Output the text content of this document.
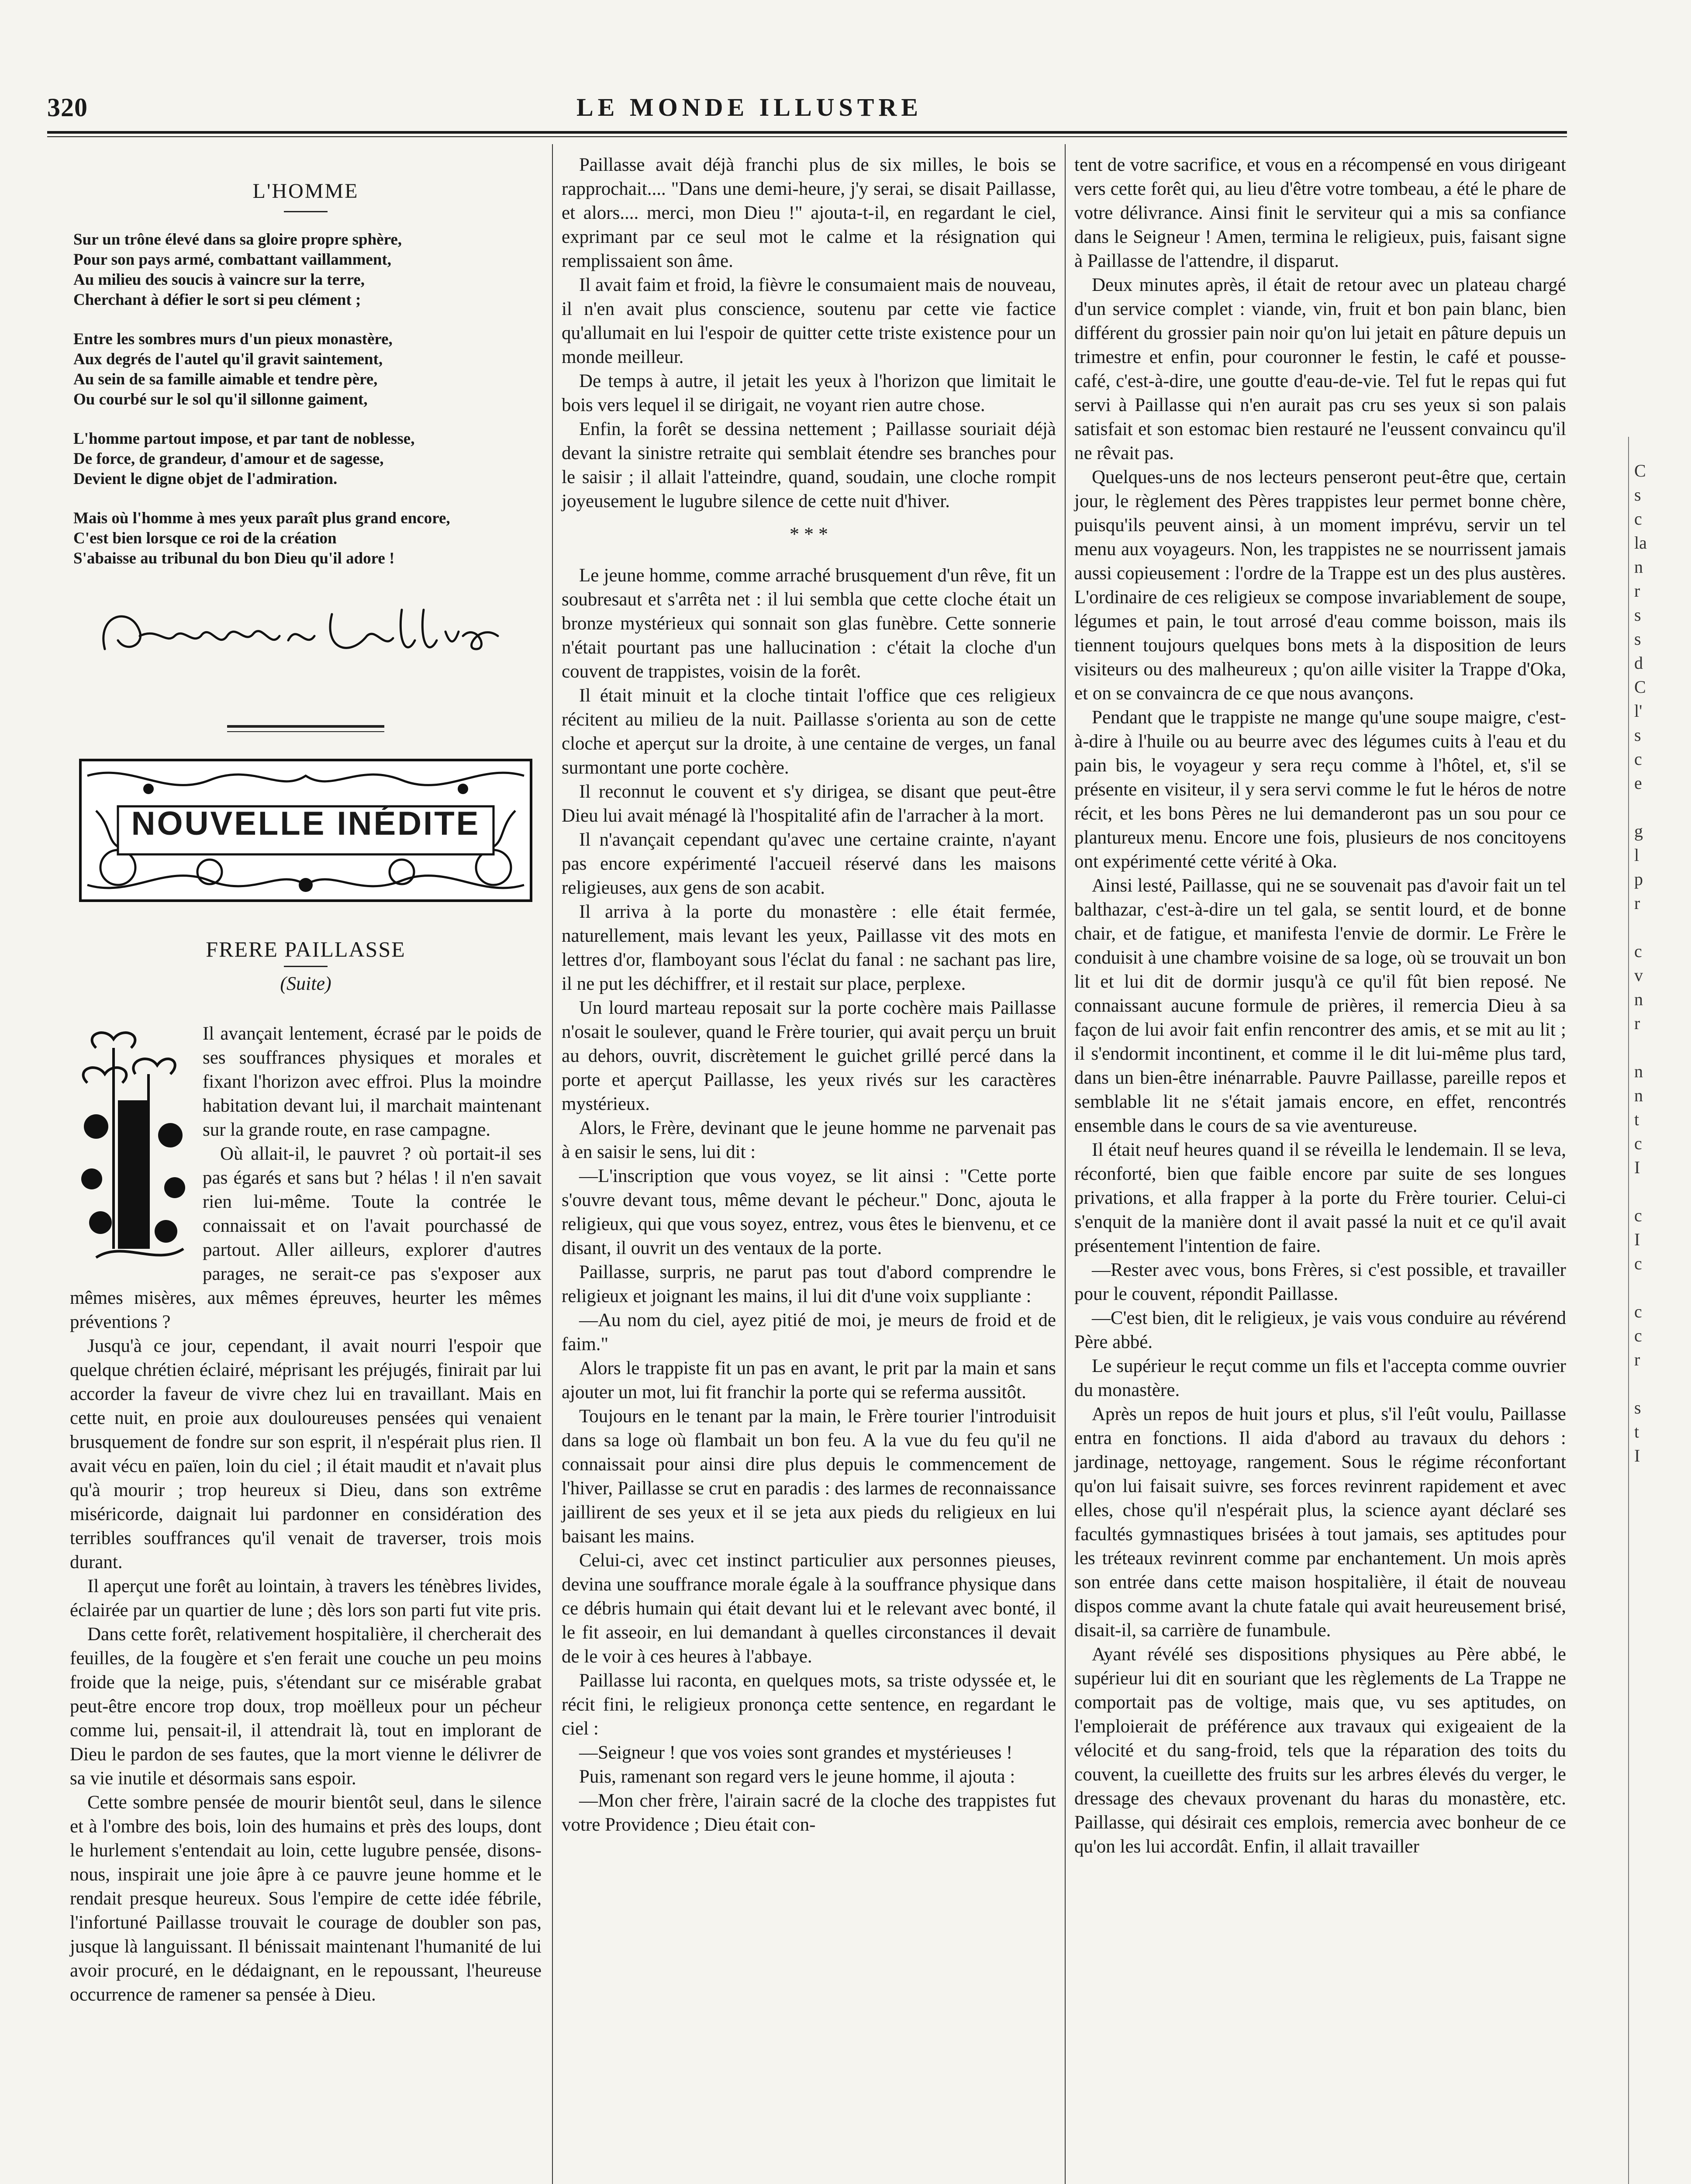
320	LE MONDE ILLUSTRE
L'HOMME
Sur un trône élevé dans sa gloire propre sphère,
Pour son pays armé, combattant vaillamment,
Au milieu des soucis à vaincre sur la terre,
Cherchant à défier le sort si peu clément ;
Entre les sombres murs d'un pieux monastère,
Aux degrés de l'autel qu'il gravit saintement,
Au sein de sa famille aimable et tendre père,
Ou courbé sur le sol qu'il sillonne gaiment,
L'homme partout impose, et par tant de noblesse,
De force, de grandeur, d'amour et de sagesse,
Devient le digne objet de l'admiration.
Mais où l'homme à mes yeux paraît plus grand encore,
C'est bien lorsque ce roi de la création
S'abaisse au tribunal du bon Dieu qu'il adore !
NOUVELLE INÉDITE
FRERE PAILLASSE
(Suite)

Il avançait lentement, écrasé par le poids de ses souffrances physiques et morales et fixant l'horizon avec effroi. Plus la moindre habitation devant lui, il marchait maintenant sur la grande route, en rase campagne.

Où allait-il, le pauvret ? où portait-il ses pas égarés et sans but ? hélas ! il n'en savait rien lui-même. Toute la contrée le connaissait et on l'avait pourchassé de partout. Aller ailleurs, explorer d'autres parages, ne serait-ce pas s'exposer aux mêmes misères, aux mêmes épreuves, heurter les mêmes préventions ?

Jusqu'à ce jour, cependant, il avait nourri l'espoir que quelque chrétien éclairé, méprisant les préjugés, finirait par lui accorder la faveur de vivre chez lui en travaillant. Mais en cette nuit, en proie aux douloureuses pensées qui venaient brusquement de fondre sur son esprit, il n'espérait plus rien. Il avait vécu en païen, loin du ciel ; il était maudit et n'avait plus qu'à mourir ; trop heureux si Dieu, dans son extrême miséricorde, daignait lui pardonner en considération des terribles souffrances qu'il venait de traverser, trois mois durant.

Il aperçut une forêt au lointain, à travers les ténèbres livides, éclairée par un quartier de lune ; dès lors son parti fut vite pris.

Dans cette forêt, relativement hospitalière, il chercherait des feuilles, de la fougère et s'en ferait une couche un peu moins froide que la neige, puis, s'étendant sur ce misérable grabat peut-être encore trop doux, trop moëlleux pour un pécheur comme lui, pensait-il, il attendrait là, tout en implorant de Dieu le pardon de ses fautes, que la mort vienne le délivrer de sa vie inutile et désormais sans espoir.

Cette sombre pensée de mourir bientôt seul, dans le silence et à l'ombre des bois, loin des humains et près des loups, dont le hurlement s'entendait au loin, cette lugubre pensée, disons-nous, inspirait une joie âpre à ce pauvre jeune homme et le rendait presque heureux. Sous l'empire de cette idée fébrile, l'infortuné Paillasse trouvait le courage de doubler son pas, jusque là languissant. Il bénissait maintenant l'humanité de lui avoir procuré, en le dédaignant, en le repoussant, l'heureuse occurrence de ramener sa pensée à Dieu.

Paillasse avait déjà franchi plus de six milles, le bois se rapprochait.... "Dans une demi-heure, j'y serai, se disait Paillasse, et alors.... merci, mon Dieu !" ajouta-t-il, en regardant le ciel, exprimant par ce seul mot le calme et la résignation qui remplissaient son âme.

Il avait faim et froid, la fièvre le consumaient mais de nouveau, il n'en avait plus conscience, soutenu par cette vie factice qu'allumait en lui l'espoir de quitter cette triste existence pour un monde meilleur.

De temps à autre, il jetait les yeux à l'horizon que limitait le bois vers lequel il se dirigait, ne voyant rien autre chose.

Enfin, la forêt se dessina nettement ; Paillasse souriait déjà devant la sinistre retraite qui semblait étendre ses branches pour le saisir ; il allait l'atteindre, quand, soudain, une cloche rompit joyeusement le lugubre silence de cette nuit d'hiver.

* * *

Le jeune homme, comme arraché brusquement d'un rêve, fit un soubresaut et s'arrêta net : il lui sembla que cette cloche était un bronze mystérieux qui sonnait son glas funèbre. Cette sonnerie n'était pourtant pas une hallucination : c'était la cloche d'un couvent de trappistes, voisin de la forêt.

Il était minuit et la cloche tintait l'office que ces religieux récitent au milieu de la nuit. Paillasse s'orienta au son de cette cloche et aperçut sur la droite, à une centaine de verges, un fanal surmontant une porte cochère.

Il reconnut le couvent et s'y dirigea, se disant que peut-être Dieu lui avait ménagé là l'hospitalité afin de l'arracher à la mort.

Il n'avançait cependant qu'avec une certaine crainte, n'ayant pas encore expérimenté l'accueil réservé dans les maisons religieuses, aux gens de son acabit.

Il arriva à la porte du monastère : elle était fermée, naturellement, mais levant les yeux, Paillasse vit des mots en lettres d'or, flamboyant sous l'éclat du fanal : ne sachant pas lire, il ne put les déchiffrer, et il restait sur place, perplexe.

Un lourd marteau reposait sur la porte cochère mais Paillasse n'osait le soulever, quand le Frère tourier, qui avait perçu un bruit au dehors, ouvrit, discrètement le guichet grillé percé dans la porte et aperçut Paillasse, les yeux rivés sur les caractères mystérieux.

Alors, le Frère, devinant que le jeune homme ne parvenait pas à en saisir le sens, lui dit :

—L'inscription que vous voyez, se lit ainsi : "Cette porte s'ouvre devant tous, même devant le pécheur." Donc, ajouta le religieux, qui que vous soyez, entrez, vous êtes le bienvenu, et ce disant, il ouvrit un des ventaux de la porte.

Paillasse, surpris, ne parut pas tout d'abord comprendre le religieux et joignant les mains, il lui dit d'une voix suppliante :

—Au nom du ciel, ayez pitié de moi, je meurs de froid et de faim."

Alors le trappiste fit un pas en avant, le prit par la main et sans ajouter un mot, lui fit franchir la porte qui se referma aussitôt.

Toujours en le tenant par la main, le Frère tourier l'introduisit dans sa loge où flambait un bon feu. A la vue du feu qu'il ne connaissait pour ainsi dire plus depuis le commencement de l'hiver, Paillasse se crut en paradis : des larmes de reconnaissance jaillirent de ses yeux et il se jeta aux pieds du religieux en lui baisant les mains.

Celui-ci, avec cet instinct particulier aux personnes pieuses, devina une souffrance morale égale à la souffrance physique dans ce débris humain qui était devant lui et le relevant avec bonté, il le fit asseoir, en lui demandant à quelles circonstances il devait de le voir à ces heures à l'abbaye.

Paillasse lui raconta, en quelques mots, sa triste odyssée et, le récit fini, le religieux prononça cette sentence, en regardant le ciel :

—Seigneur ! que vos voies sont grandes et mystérieuses !

Puis, ramenant son regard vers le jeune homme, il ajouta :

—Mon cher frère, l'airain sacré de la cloche des trappistes fut votre Providence ; Dieu était con-

tent de votre sacrifice, et vous en a récompensé en vous dirigeant vers cette forêt qui, au lieu d'être votre tombeau, a été le phare de votre délivrance. Ainsi finit le serviteur qui a mis sa confiance dans le Seigneur ! Amen, termina le religieux, puis, faisant signe à Paillasse de l'attendre, il disparut.

Deux minutes après, il était de retour avec un plateau chargé d'un service complet : viande, vin, fruit et bon pain blanc, bien différent du grossier pain noir qu'on lui jetait en pâture depuis un trimestre et enfin, pour couronner le festin, le café et pousse-café, c'est-à-dire, une goutte d'eau-de-vie. Tel fut le repas qui fut servi à Paillasse qui n'en aurait pas cru ses yeux si son palais satisfait et son estomac bien restauré ne l'eussent convaincu qu'il ne rêvait pas.

Quelques-uns de nos lecteurs penseront peut-être que, certain jour, le règlement des Pères trappistes leur permet bonne chère, puisqu'ils peuvent ainsi, à un moment imprévu, servir un tel menu aux voyageurs. Non, les trappistes ne se nourrissent jamais aussi copieusement : l'ordre de la Trappe est un des plus austères. L'ordinaire de ces religieux se compose invariablement de soupe, légumes et pain, le tout arrosé d'eau comme boisson, mais ils tiennent toujours quelques bons mets à la disposition de leurs visiteurs ou des malheureux ; qu'on aille visiter la Trappe d'Oka, et on se convaincra de ce que nous avançons.

Pendant que le trappiste ne mange qu'une soupe maigre, c'est-à-dire à l'huile ou au beurre avec des légumes cuits à l'eau et du pain bis, le voyageur y sera reçu comme à l'hôtel, et, s'il se présente en visiteur, il y sera servi comme le fut le héros de notre récit, et les bons Pères ne lui demanderont pas un sou pour ce plantureux menu. Encore une fois, plusieurs de nos concitoyens ont expérimenté cette vérité à Oka.

Ainsi lesté, Paillasse, qui ne se souvenait pas d'avoir fait un tel balthazar, c'est-à-dire un tel gala, se sentit lourd, et de bonne chair, et de fatigue, et manifesta l'envie de dormir. Le Frère le conduisit à une chambre voisine de sa loge, où se trouvait un bon lit et lui dit de dormir jusqu'à ce qu'il fût bien reposé. Ne connaissant aucune formule de prières, il remercia Dieu à sa façon de lui avoir fait enfin rencontrer des amis, et se mit au lit ; il s'endormit incontinent, et comme il le dit lui-même plus tard, dans un bien-être inénarrable. Pauvre Paillasse, pareille repos et semblable lit ne s'était jamais encore, en effet, rencontrés ensemble dans le cours de sa vie aventureuse.

Il était neuf heures quand il se réveilla le lendemain. Il se leva, réconforté, bien que faible encore par suite de ses longues privations, et alla frapper à la porte du Frère tourier. Celui-ci s'enquit de la manière dont il avait passé la nuit et ce qu'il avait présentement l'intention de faire.

—Rester avec vous, bons Frères, si c'est possible, et travailler pour le couvent, répondit Paillasse.

—C'est bien, dit le religieux, je vais vous conduire au révérend Père abbé.

Le supérieur le reçut comme un fils et l'accepta comme ouvrier du monastère.

Après un repos de huit jours et plus, s'il l'eût voulu, Paillasse entra en fonctions. Il aida d'abord au travaux du dehors : jardinage, nettoyage, rangement. Sous le régime réconfortant qu'on lui faisait suivre, ses forces revinrent rapidement et avec elles, chose qu'il n'espérait plus, la science ayant déclaré ses facultés gymnastiques brisées à tout jamais, ses aptitudes pour les tréteaux revinrent comme par enchantement. Un mois après son entrée dans cette maison hospitalière, il était de nouveau dispos comme avant la chute fatale qui avait heureusement brisé, disait-il, sa carrière de funambule.

Ayant révélé ses dispositions physiques au Père abbé, le supérieur lui dit en souriant que les règlements de La Trappe ne comportait pas de voltige, mais que, vu ses aptitudes, on l'emploierait de préférence aux travaux qui exigeaient de la vélocité et du sang-froid, tels que la réparation des toits du couvent, la cueillette des fruits sur les arbres élevés du verger, le dressage des chevaux provenant du haras du monastère, etc. Paillasse, qui désirait ces emplois, remercia avec bonheur de ce qu'on les lui accordât. Enfin, il allait travailler

C
s
c
la
n
r
s
s
d
C
l'
s
c
e

g
l
p
r

c
v
n
r

n
n
t
c
I

c
I
c

c
c
r

s
t
I
